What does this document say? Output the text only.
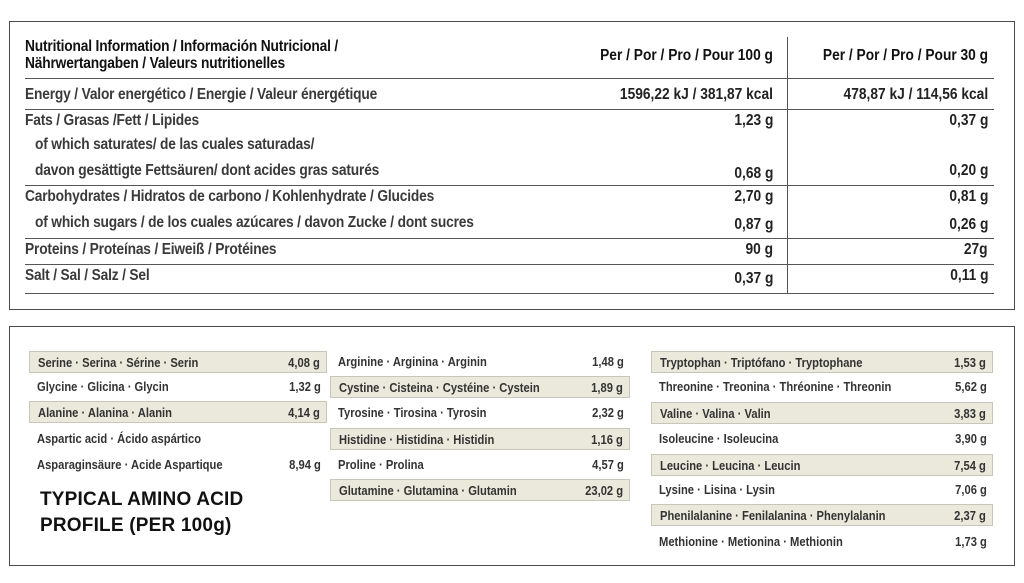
Nutritional Information / Información Nutricional /
Nährwertangaben / Valeurs nutritionelles	Per / Por / Pro / Pour 100 g	Per / Por / Pro / Pour 30 g
Energy / Valor energético / Energie / Valeur énergétique	1596,22 kJ / 381,87 kcal	478,87 kJ / 114,56 kcal
Fats / Grasas /Fett / Lipides	1,23 g	0,37 g
of which saturates/ de las cuales saturadas/
davon gesättigte Fettsäuren/ dont acides gras saturés	0,68 g	0,20 g
Carbohydrates / Hidratos de carbono / Kohlenhydrate / Glucides	2,70 g	0,81 g
of which sugars / de los cuales azúcares / davon Zucke / dont sucres	0,87 g	0,26 g
Proteins / Proteínas / Eiweiß / Protéines	90 g	27g
Salt / Sal / Salz / Sel	0,37 g	0,11 g
Serine · Serina · Sérine · Serin	4,08 g
Glycine · Glicina · Glycin	1,32 g
Alanine · Alanina · Alanin	4,14 g
Aspartic acid · Ácido aspártico
Asparaginsäure · Acide Aspartique	8,94 g
TYPICAL AMINO ACID
PROFILE (PER 100g)
Arginine · Arginina · Arginin	1,48 g
Cystine · Cisteina · Cystéine · Cystein	1,89 g
Tyrosine · Tirosina · Tyrosin	2,32 g
Histidine · Histidina · Histidin	1,16 g
Proline · Prolina	4,57 g
Glutamine · Glutamina · Glutamin	23,02 g
Tryptophan · Triptófano · Tryptophane	1,53 g
Threonine · Treonina · Thréonine · Threonin	5,62 g
Valine · Valina · Valin	3,83 g
Isoleucine · Isoleucina	3,90 g
Leucine · Leucina · Leucin	7,54 g
Lysine · Lisina · Lysin	7,06 g
Phenilalanine · Fenilalanina · Phenylalanin	2,37 g
Methionine · Metionina · Methionin	1,73 g
